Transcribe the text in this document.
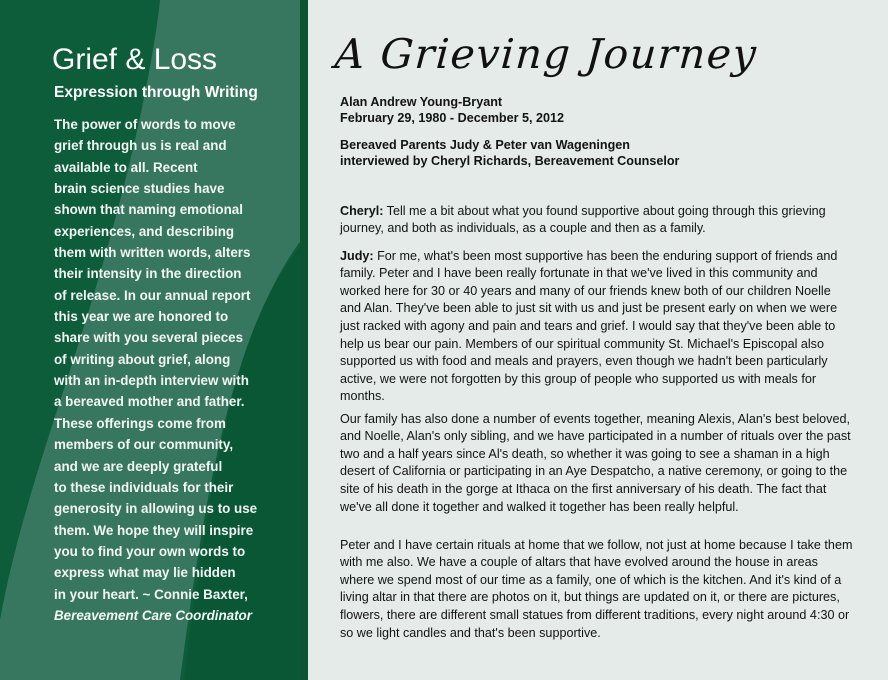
Grief & Loss
Expression through Writing
The power of words to move
grief through us is real and
available to all. Recent
brain science studies have
shown that naming emotional
experiences, and describing
them with written words, alters
their intensity in the direction
of release. In our annual report
this year we are honored to
share with you several pieces
of writing about grief, along
with an in-depth interview with
a bereaved mother and father.
These offerings come from
members of our community,
and we are deeply grateful
to these individuals for their
generosity in allowing us to use
them. We hope they will inspire
you to find your own words to
express what may lie hidden
in your heart. ~ Connie Baxter,
Bereavement Care Coordinator
A Grieving Journey
Alan Andrew Young-Bryant
February 29, 1980 - December 5, 2012
Bereaved Parents Judy & Peter van Wageningen
interviewed by Cheryl Richards, Bereavement Counselor

Cheryl: Tell me a bit about what you found supportive about going through this grieving journey, and both as individuals, as a couple and then as a family.

Judy: For me, what's been most supportive has been the enduring support of friends and family. Peter and I have been really fortunate in that we've lived in this community and worked here for 30 or 40 years and many of our friends knew both of our children Noelle and Alan. They've been able to just sit with us and just be present early on when we were just racked with agony and pain and tears and grief. I would say that they've been able to help us bear our pain. Members of our spiritual community St. Michael's Episcopal also supported us with food and meals and prayers, even though we hadn't been particularly active, we were not forgotten by this group of people who supported us with meals for months.

Our family has also done a number of events together, meaning Alexis, Alan's best beloved, and Noelle, Alan's only sibling, and we have participated in a number of rituals over the past two and a half years since Al's death, so whether it was going to see a shaman in a high desert of California or participating in an Aye Despatcho, a native ceremony, or going to the site of his death in the gorge at Ithaca on the first anniversary of his death. The fact that we've all done it together and walked it together has been really helpful.

Peter and I have certain rituals at home that we follow, not just at home because I take them with me also. We have a couple of altars that have evolved around the house in areas where we spend most of our time as a family, one of which is the kitchen. And it's kind of a living altar in that there are photos on it, but things are updated on it, or there are pictures, flowers, there are different small statues from different traditions, every night around 4:30 or so we light candles and that's been supportive.
